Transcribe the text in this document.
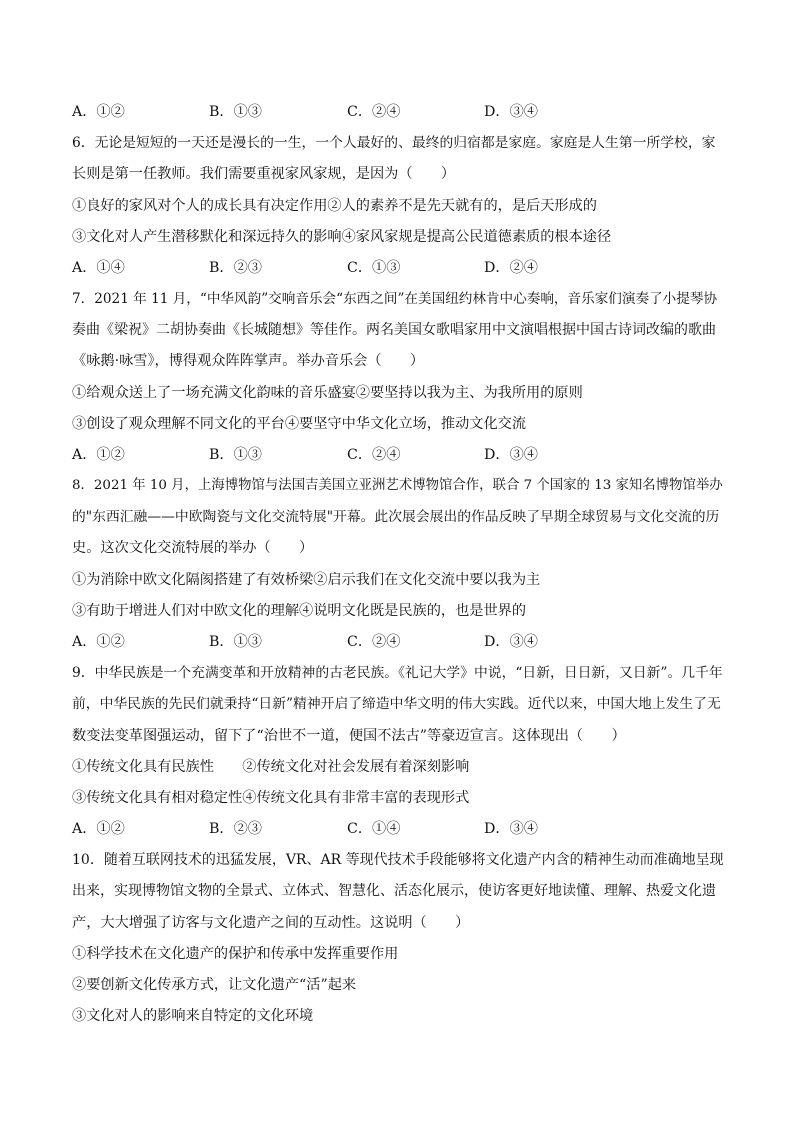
A．①②	B．①③	C．②④	D．③④
6．无论是短短的一天还是漫长的一生，一个人最好的、最终的归宿都是家庭。家庭是人生第一所学校，家
长则是第一任教师。我们需要重视家风家规，是因为（　　）
①良好的家风对个人的成长具有决定作用②人的素养不是先天就有的，是后天形成的
③文化对人产生潜移默化和深远持久的影响④家风家规是提高公民道德素质的根本途径
A．①④	B．②③	C．①③	D．②④
7．2021 年 11 月，“中华风韵”交响音乐会“东西之间”在美国纽约林肯中心奏响，音乐家们演奏了小提琴协
奏曲《梁祝》二胡协奏曲《长城随想》等佳作。两名美国女歌唱家用中文演唱根据中国古诗词改编的歌曲
《咏鹅·咏雪》，博得观众阵阵掌声。举办音乐会（　　）
①给观众送上了一场充满文化韵味的音乐盛宴②要坚持以我为主、为我所用的原则
③创设了观众理解不同文化的平台④要坚守中华文化立场，推动文化交流
A．①②	B．①③	C．②④	D．③④
8．2021 年 10 月，上海博物馆与法国吉美国立亚洲艺术博物馆合作，联合 7 个国家的 13 家知名博物馆举办
的"东西汇融——中欧陶瓷与文化交流特展"开幕。此次展会展出的作品反映了早期全球贸易与文化交流的历
史。这次文化交流特展的举办（　　）
①为消除中欧文化隔阂搭建了有效桥梁②启示我们在文化交流中要以我为主
③有助于增进人们对中欧文化的理解④说明文化既是民族的，也是世界的
A．①②	B．①③	C．②④	D．③④
9．中华民族是一个充满变革和开放精神的古老民族。《礼记大学》中说，“日新，日日新，又日新”。几千年
前，中华民族的先民们就秉持“日新”精神开启了缔造中华文明的伟大实践。近代以来，中国大地上发生了无
数变法变革图强运动，留下了“治世不一道，便国不法古”等豪迈宣言。这体现出（　　）
①传统文化具有民族性　　②传统文化对社会发展有着深刻影响
③传统文化具有相对稳定性④传统文化具有非常丰富的表现形式
A．①②	B．②③	C．①④	D．③④
10．随着互联网技术的迅猛发展，VR、AR 等现代技术手段能够将文化遗产内含的精神生动而准确地呈现
出来，实现博物馆文物的全景式、立体式、智慧化、活态化展示，使访客更好地读懂、理解、热爱文化遗
产，大大增强了访客与文化遗产之间的互动性。这说明（　　）
①科学技术在文化遗产的保护和传承中发挥重要作用
②要创新文化传承方式，让文化遗产“活”起来
③文化对人的影响来自特定的文化环境
